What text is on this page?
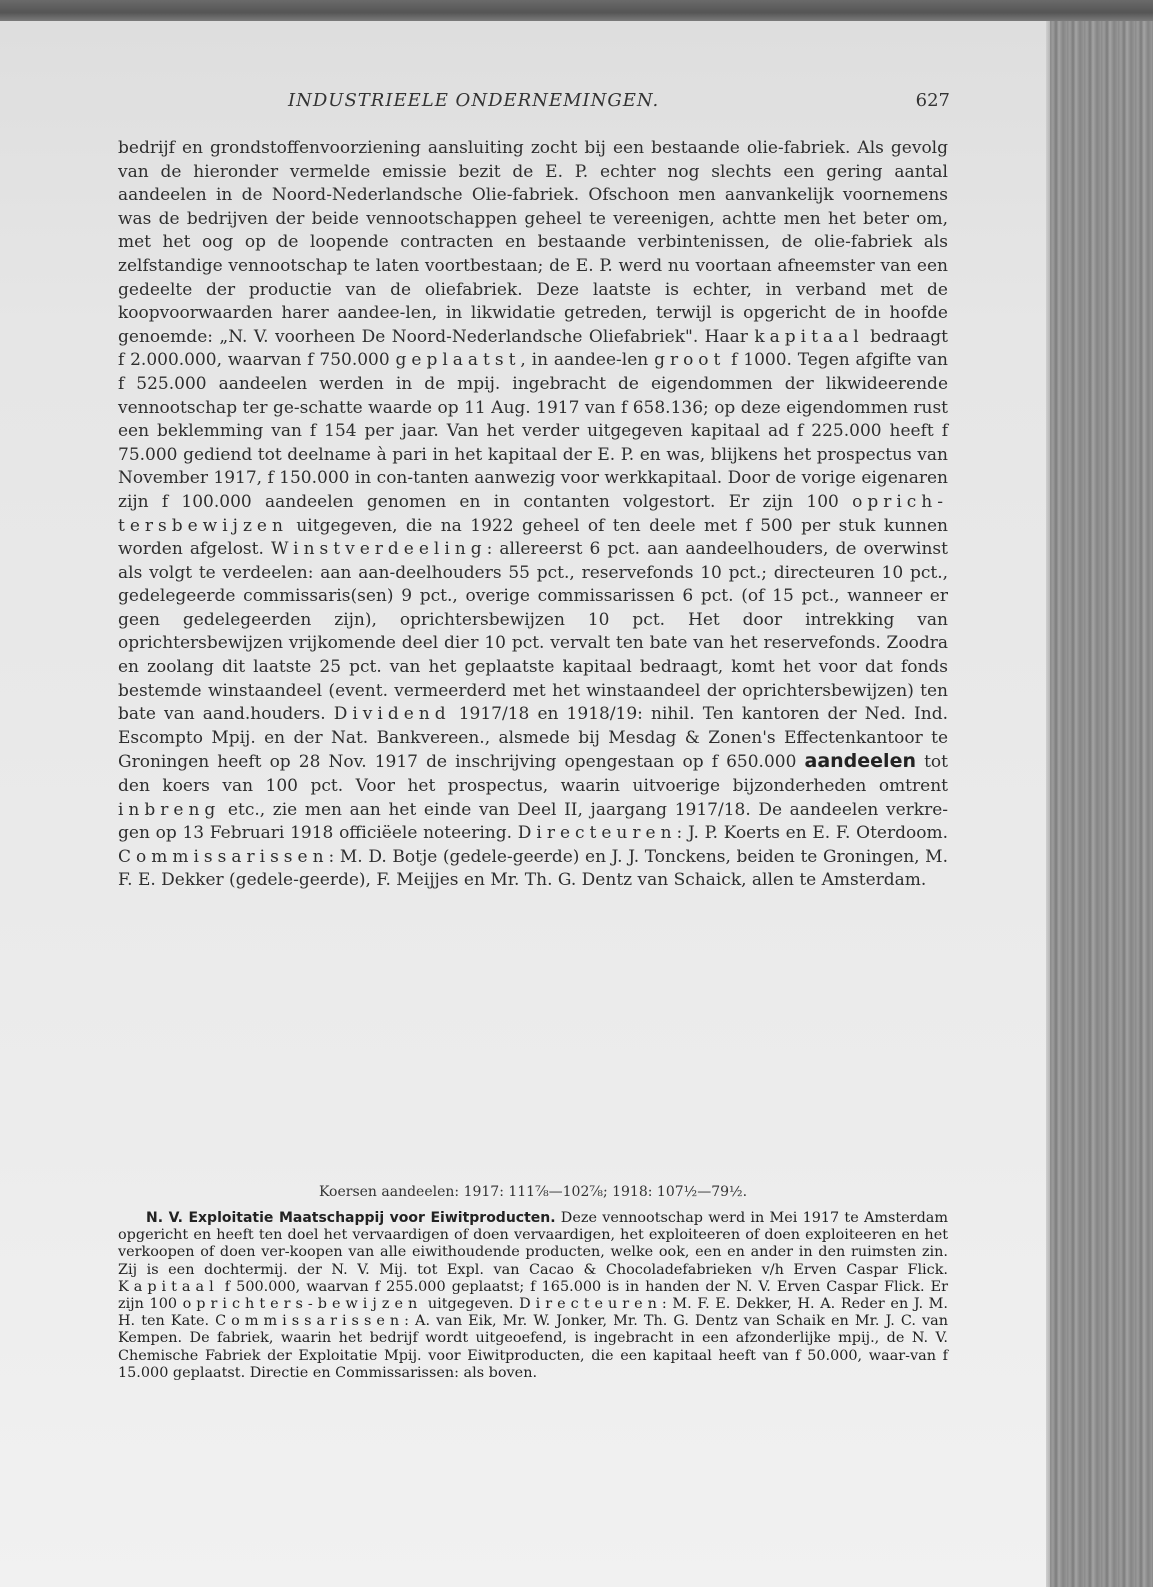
INDUSTRIEELE ONDERNEMINGEN.	627

bedrijf en grondstoffenvoorziening aansluiting zocht bij een bestaande olie-fabriek. Als gevolg van de hieronder vermelde emissie bezit de E. P. echter nog slechts een gering aantal aandeelen in de Noord-Nederlandsche Olie-fabriek. Ofschoon men aanvankelijk voornemens was de bedrijven der beide vennootschappen geheel te vereenigen, achtte men het beter om, met het oog op de loopende contracten en bestaande verbintenissen, de olie-fabriek als zelfstandige vennootschap te laten voortbestaan; de E. P. werd nu voortaan afneemster van een gedeelte der productie van de oliefabriek. Deze laatste is echter, in verband met de koopvoorwaarden harer aandee-len, in likwidatie getreden, terwijl is opgericht de in hoofde genoemde: „N. V. voorheen De Noord-Nederlandsche Oliefabriek". Haar kapitaal bedraagt f 2.000.000, waarvan f 750.000 geplaatst, in aandee-len groot f 1000. Tegen afgifte van f 525.000 aandeelen werden in de mpij. ingebracht de eigendommen der likwideerende vennootschap ter ge-schatte waarde op 11 Aug. 1917 van f 658.136; op deze eigendommen rust een beklemming van f 154 per jaar. Van het verder uitgegeven kapitaal ad f 225.000 heeft f 75.000 gediend tot deelname à pari in het kapitaal der E. P. en was, blijkens het prospectus van November 1917, f 150.000 in con-tanten aanwezig voor werkkapitaal. Door de vorige eigenaren zijn f 100.000 aandeelen genomen en in contanten volgestort. Er zijn 100 oprich-tersbewijzen uitgegeven, die na 1922 geheel of ten deele met f 500 per stuk kunnen worden afgelost. Winstverdeeling: allereerst 6 pct. aan aandeelhouders, de overwinst als volgt te verdeelen: aan aan-deelhouders 55 pct., reservefonds 10 pct.; directeuren 10 pct., gedelegeerde commissaris(sen) 9 pct., overige commissarissen 6 pct. (of 15 pct., wanneer er geen gedelegeerden zijn), oprichtersbewijzen 10 pct. Het door intrekking van oprichtersbewijzen vrijkomende deel dier 10 pct. vervalt ten bate van het reservefonds. Zoodra en zoolang dit laatste 25 pct. van het geplaatste kapitaal bedraagt, komt het voor dat fonds bestemde winstaandeel (event. vermeerderd met het winstaandeel der oprichtersbewijzen) ten bate van aand.houders. Dividend 1917/18 en 1918/19: nihil. Ten kantoren der Ned. Ind. Escompto Mpij. en der Nat. Bankvereen., alsmede bij Mesdag & Zonen's Effectenkantoor te Groningen heeft op 28 Nov. 1917 de inschrijving opengestaan op f 650.000 aandeelen tot den koers van 100 pct. Voor het prospectus, waarin uitvoerige bijzonderheden omtrent inbreng etc., zie men aan het einde van Deel II, jaargang 1917/18. De aandeelen verkre-gen op 13 Februari 1918 officiëele noteering. Directeuren: J. P. Koerts en E. F. Oterdoom. Commissarissen: M. D. Botje (gedele-geerde) en J. J. Tonckens, beiden te Groningen, M. F. E. Dekker (gedele-geerde), F. Meijjes en Mr. Th. G. Dentz van Schaick, allen te Amsterdam.

Koersen aandeelen: 1917: 111⅞—102⅞; 1918: 107½—79½.

N. V. Exploitatie Maatschappij voor Eiwitproducten. Deze vennootschap werd in Mei 1917 te Amsterdam opgericht en heeft ten doel het vervaardigen of doen vervaardigen, het exploiteeren of doen exploiteeren en het verkoopen of doen ver-koopen van alle eiwithoudende producten, welke ook, een en ander in den ruimsten zin. Zij is een dochtermij. der N. V. Mij. tot Expl. van Cacao & Chocoladefabrieken v/h Erven Caspar Flick. Kapitaal f 500.000, waarvan f 255.000 geplaatst; f 165.000 is in handen der N. V. Erven Caspar Flick. Er zijn 100 oprichters-bewijzen uitgegeven. Directeuren: M. F. E. Dekker, H. A. Reder en J. M. H. ten Kate. Commissarissen: A. van Eik, Mr. W. Jonker, Mr. Th. G. Dentz van Schaik en Mr. J. C. van Kempen. De fabriek, waarin het bedrijf wordt uitgeoefend, is ingebracht in een afzonderlijke mpij., de N. V. Chemische Fabriek der Exploitatie Mpij. voor Eiwitproducten, die een kapitaal heeft van f 50.000, waar-van f 15.000 geplaatst. Directie en Commissarissen: als boven.
